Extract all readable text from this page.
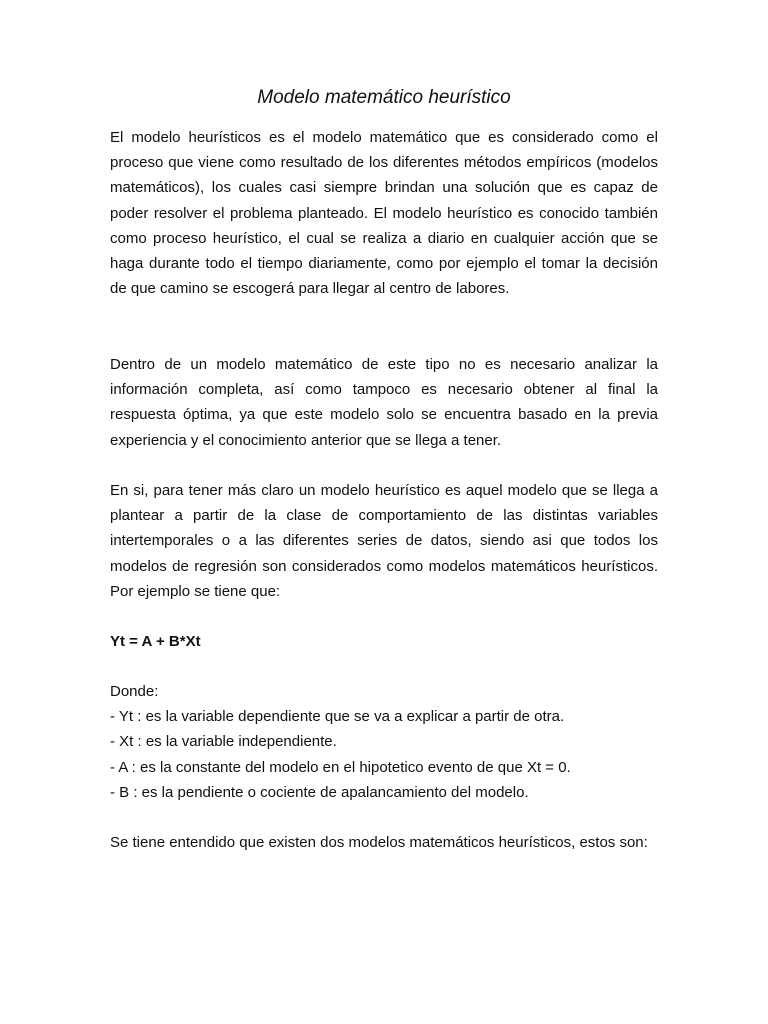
Modelo matemático heurístico

El modelo heurísticos es el modelo matemático que es considerado como el proceso que viene como resultado de los diferentes métodos empíricos (modelos matemáticos), los cuales casi siempre brindan una solución que es capaz de poder resolver el problema planteado. El modelo heurístico es conocido también como proceso heurístico, el cual se realiza a diario en cualquier acción que se haga durante todo el tiempo diariamente, como por ejemplo el tomar la decisión de que camino se escogerá para llegar al centro de labores.

Dentro de un modelo matemático de este tipo no es necesario analizar la información completa, así como tampoco es necesario obtener al final la respuesta óptima, ya que este modelo solo se encuentra basado en la previa experiencia y el conocimiento anterior que se llega a tener.

En si, para tener más claro un modelo heurístico es aquel modelo que se llega a plantear a partir de la clase de comportamiento de las distintas variables intertemporales o a las diferentes series de datos, siendo asi que todos los modelos de regresión son considerados como modelos matemáticos heurísticos. Por ejemplo se tiene que:

Yt = A + B*Xt

Donde:
- Yt : es la variable dependiente que se va a explicar a partir de otra.
- Xt : es la variable independiente.
- A : es la constante del modelo en el hipotetico evento de que Xt = 0.
- B : es la pendiente o cociente de apalancamiento del modelo.

Se tiene entendido que existen dos modelos matemáticos heurísticos, estos son:
